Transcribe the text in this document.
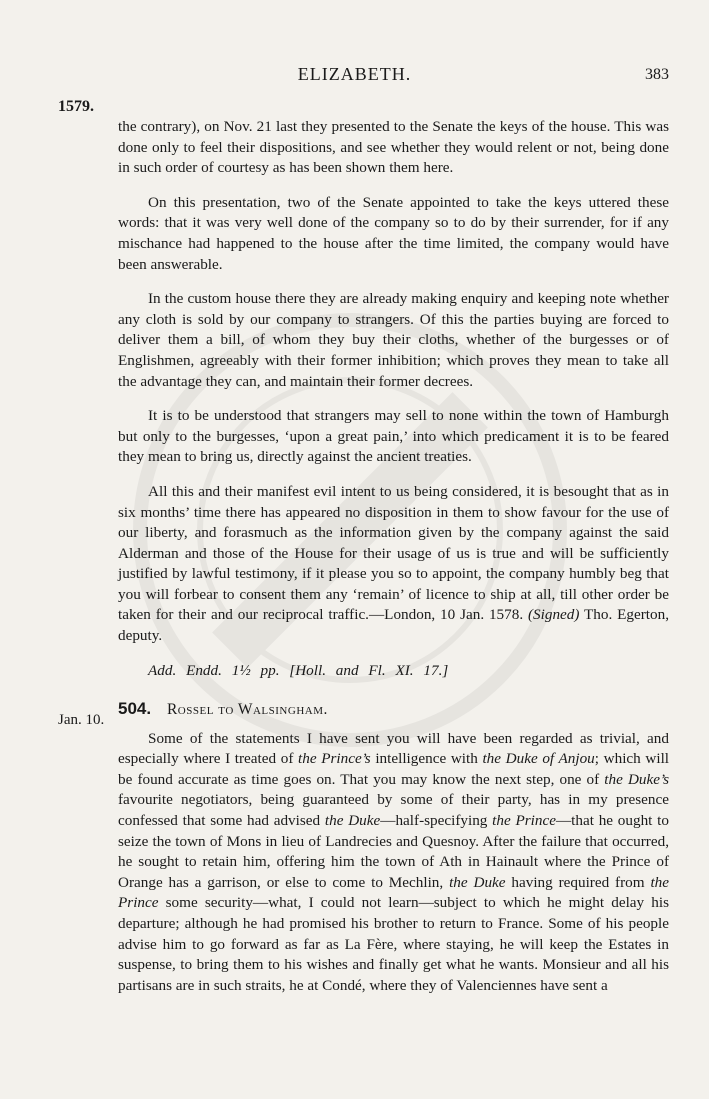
ELIZABETH.	383
1579.
Jan. 10.

the contrary), on Nov. 21 last they presented to the Senate the keys of the house. This was done only to feel their dispositions, and see whether they would relent or not, being done in such order of courtesy as has been shown them here.

On this presentation, two of the Senate appointed to take the keys uttered these words: that it was very well done of the company so to do by their surrender, for if any mischance had happened to the house after the time limited, the company would have been answerable.

In the custom house there they are already making enquiry and keeping note whether any cloth is sold by our company to strangers. Of this the parties buying are forced to deliver them a bill, of whom they buy their cloths, whether of the burgesses or of Englishmen, agreeably with their former inhibition; which proves they mean to take all the advantage they can, and maintain their former decrees.

It is to be understood that strangers may sell to none within the town of Hamburgh but only to the burgesses, ‘upon a great pain,’ into which predicament it is to be feared they mean to bring us, directly against the ancient treaties.

All this and their manifest evil intent to us being considered, it is besought that as in six months’ time there has appeared no disposition in them to show favour for the use of our liberty, and forasmuch as the information given by the company against the said Alderman and those of the House for their usage of us is true and will be sufficiently justified by lawful testimony, if it please you so to appoint, the company humbly beg that you will forbear to consent them any ‘remain’ of licence to ship at all, till other order be taken for their and our reciprocal traffic.—London, 10 Jan. 1578. (Signed) Tho. Egerton, deputy.

Add. Endd. 1½ pp. [Holl. and Fl. XI. 17.]
504. Rossel to Walsingham.

Some of the statements I have sent you will have been regarded as trivial, and especially where I treated of the Prince’s intelligence with the Duke of Anjou; which will be found accurate as time goes on. That you may know the next step, one of the Duke’s favourite negotiators, being guaranteed by some of their party, has in my presence confessed that some had advised the Duke—half-specifying the Prince—that he ought to seize the town of Mons in lieu of Landrecies and Quesnoy. After the failure that occurred, he sought to retain him, offering him the town of Ath in Hainault where the Prince of Orange has a garrison, or else to come to Mechlin, the Duke having required from the Prince some security—what, I could not learn—subject to which he might delay his departure; although he had promised his brother to return to France. Some of his people advise him to go forward as far as La Fère, where staying, he will keep the Estates in suspense, to bring them to his wishes and finally get what he wants. Monsieur and all his partisans are in such straits, he at Condé, where they of Valenciennes have sent a
